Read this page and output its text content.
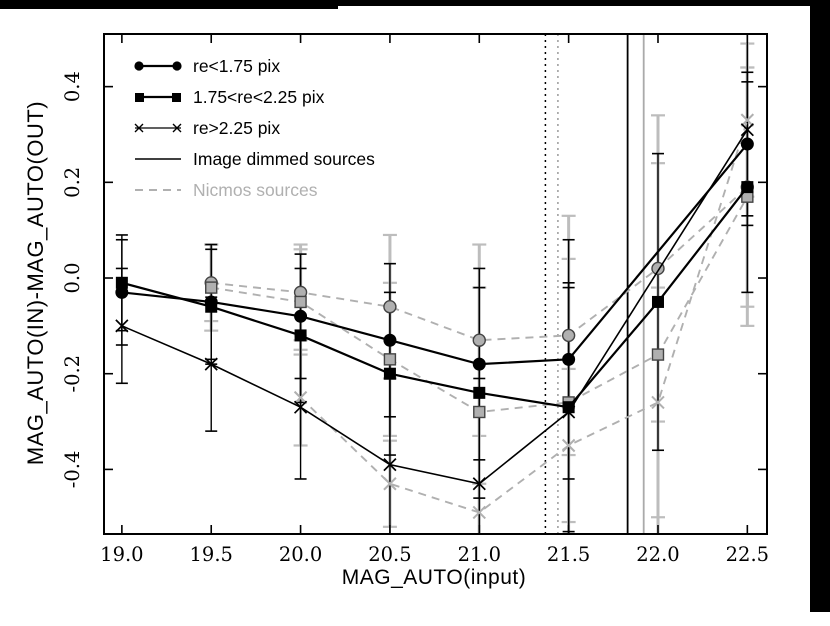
19.0 19.5 20.0 20.5 21.0 21.5 22.0 22.5
0.4
0.2
0.0
-0.2
-0.4
MAG_AUTO(input)
MAG_AUTO(IN)-MAG_AUTO(OUT)
re<1.75 pix
1.75<re<2.25 pix
re>2.25 pix
Image dimmed sources
Nicmos sources
